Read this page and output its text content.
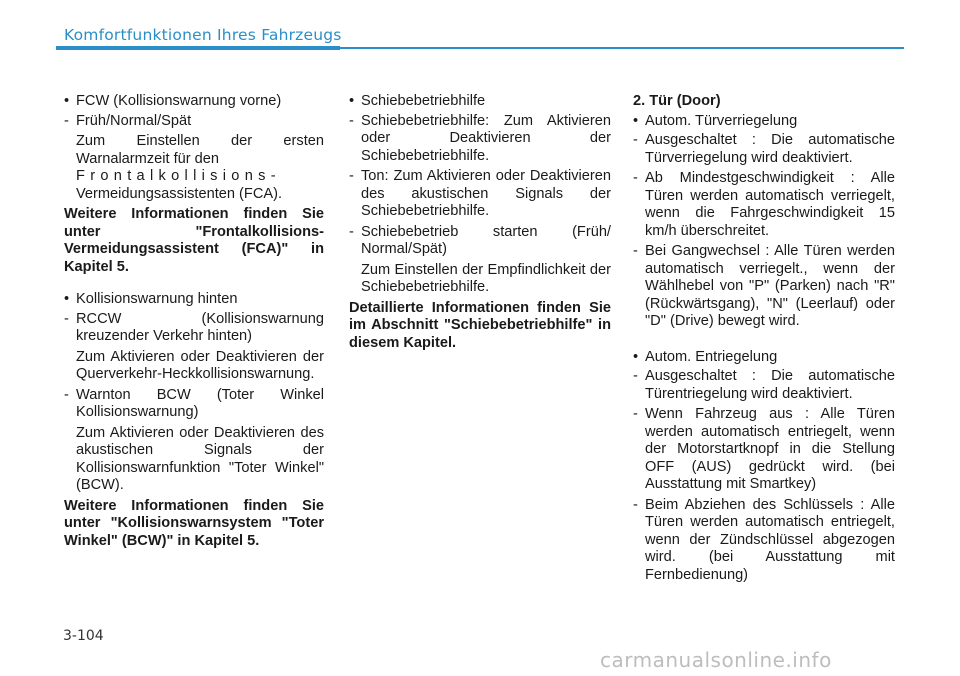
Komfortfunktionen Ihres Fahrzeugs

• FCW (Kollisionswarnung vorne)

- Früh/Normal/Spät

Zum Einstellen der ersten Warnalarmzeit für den
Frontalkollisions-
Vermeidungsassistenten (FCA).

Weitere Informationen finden Sie unter "Frontalkollisions-Vermeidungsassistent (FCA)" in Kapitel 5.

• Kollisionswarnung hinten

- RCCW (Kollisionswarnung kreuzender Verkehr hinten)

Zum Aktivieren oder Deaktivieren der Querverkehr-Heckkollisionswarnung.

- Warnton BCW (Toter Winkel Kollisionswarnung)

Zum Aktivieren oder Deaktivieren des akustischen Signals der Kollisionswarnfunktion "Toter Winkel" (BCW).

Weitere Informationen finden Sie unter "Kollisionswarnsystem "Toter Winkel" (BCW)" in Kapitel 5.

• Schiebebetriebhilfe

- Schiebebetriebhilfe: Zum Aktivieren oder Deaktivieren der Schiebebetriebhilfe.

- Ton: Zum Aktivieren oder Deaktivieren des akustischen Signals der Schiebebetriebhilfe.

- Schiebebetrieb starten (Früh/ Normal/Spät)

Zum Einstellen der Empfindlichkeit der Schiebebetriebhilfe.

Detaillierte Informationen finden Sie im Abschnitt "Schiebebetriebhilfe" in diesem Kapitel.

2. Tür (Door)

• Autom. Türverriegelung

- Ausgeschaltet : Die automatische Türverriegelung wird deaktiviert.

- Ab Mindestgeschwindigkeit : Alle Türen werden automatisch verriegelt, wenn die Fahrgeschwindigkeit 15 km/h überschreitet.

- Bei Gangwechsel : Alle Türen werden automatisch verriegelt., wenn der Wählhebel von "P" (Parken) nach "R" (Rückwärtsgang), "N" (Leerlauf) oder "D" (Drive) bewegt wird.

• Autom. Entriegelung

- Ausgeschaltet : Die automatische Türentriegelung wird deaktiviert.

- Wenn Fahrzeug aus : Alle Türen werden automatisch entriegelt, wenn der Motorstartknopf in die Stellung OFF (AUS) gedrückt wird. (bei Ausstattung mit Smartkey)

- Beim Abziehen des Schlüssels : Alle Türen werden automatisch entriegelt, wenn der Zündschlüssel abgezogen wird. (bei Ausstattung mit Fernbedienung)

3-104
carmanualsonline.info
